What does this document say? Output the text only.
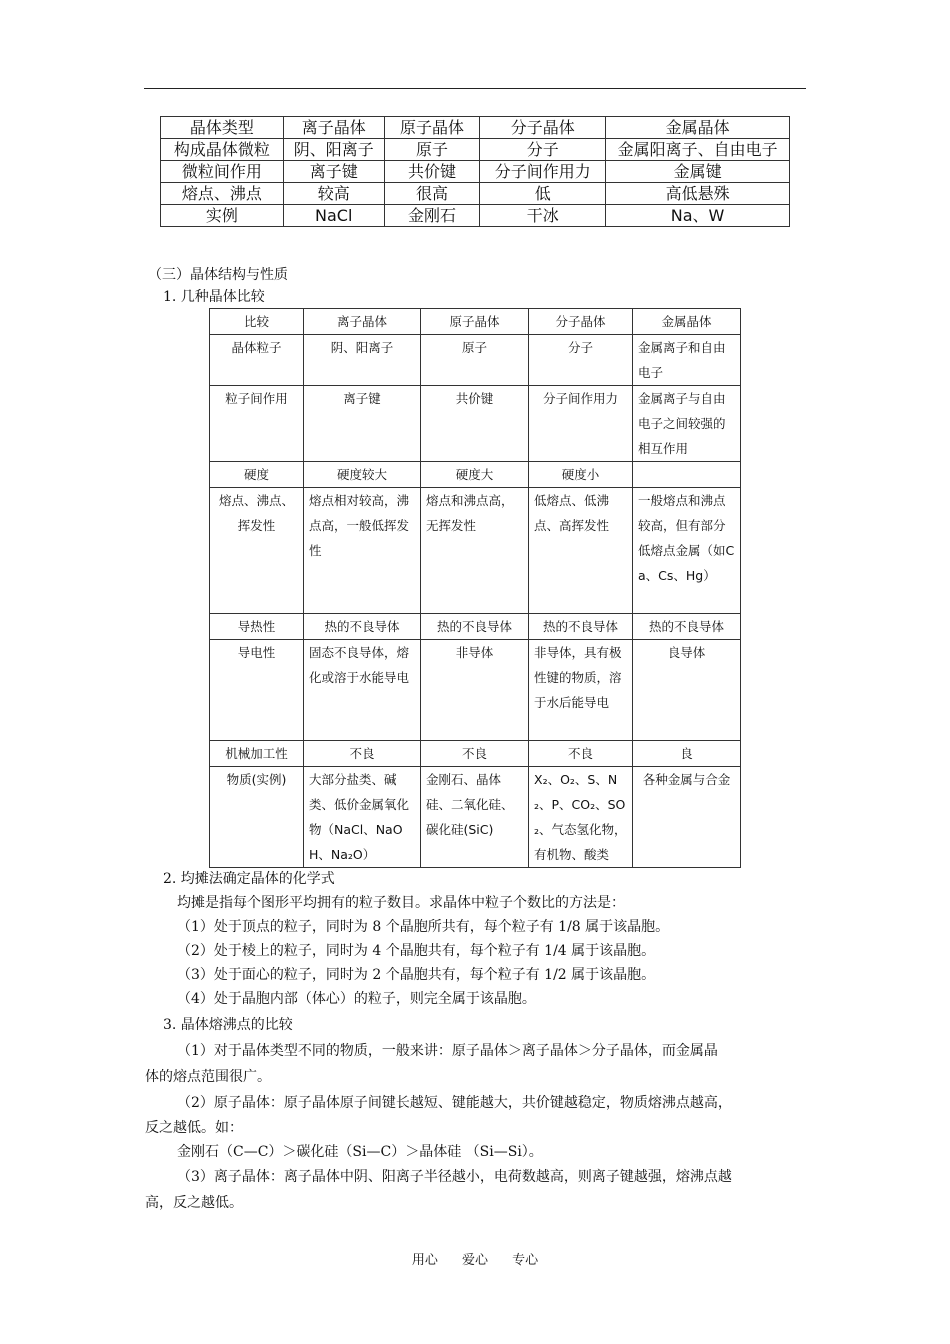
晶体类型	离子晶体	原子晶体	分子晶体	金属晶体
构成晶体微粒	阴、阳离子	原子	分子	金属阳离子、自由电子
微粒间作用	离子键	共价键	分子间作用力	金属键
熔点、沸点	较高	很高	低	高低悬殊
实例	NaCl	金刚石	干冰	Na、W
（三）晶体结构与性质
1. 几种晶体比较
比较	离子晶体	原子晶体	分子晶体	金属晶体
晶体粒子	阴、阳离子	原子	分子	金属离子和自由电子
粒子间作用	离子键	共价键	分子间作用力	金属离子与自由电子之间较强的相互作用
硬度	硬度较大	硬度大	硬度小	
熔点、沸点、挥发性	熔点相对较高，沸点高，一般低挥发性	熔点和沸点高，无挥发性	低熔点、低沸点、高挥发性	一般熔点和沸点较高，但有部分低熔点金属（如Ca、Cs、Hg）
导热性	热的不良导体	热的不良导体	热的不良导体	热的不良导体
导电性	固态不良导体，熔化或溶于水能导电	非导体	非导体，具有极性键的物质，溶于水后能导电	良导体
机械加工性	不良	不良	不良	良
物质(实例)	大部分盐类、碱类、低价金属氧化物（NaCl、NaOH、Na₂O）	金刚石、晶体硅、二氧化硅、碳化硅(SiC)	X₂、O₂、S、N₂、P、CO₂、SO₂、气态氢化物，有机物、酸类	各种金属与合金
2. 均摊法确定晶体的化学式
均摊是指每个图形平均拥有的粒子数目。求晶体中粒子个数比的方法是：
（1）处于顶点的粒子，同时为 8 个晶胞所共有，每个粒子有 1/8 属于该晶胞。
（2）处于棱上的粒子，同时为 4 个晶胞共有，每个粒子有 1/4 属于该晶胞。
（3）处于面心的粒子，同时为 2 个晶胞共有，每个粒子有 1/2 属于该晶胞。
（4）处于晶胞内部（体心）的粒子，则完全属于该晶胞。
3. 晶体熔沸点的比较
（1）对于晶体类型不同的物质，一般来讲：原子晶体＞离子晶体＞分子晶体，而金属晶
体的熔点范围很广。
（2）原子晶体：原子晶体原子间键长越短、键能越大，共价键越稳定，物质熔沸点越高，
反之越低。如：
金刚石（C—C）＞碳化硅（Si—C）＞晶体硅 （Si—Si）。
（3）离子晶体：离子晶体中阴、阳离子半径越小，电荷数越高，则离子键越强，熔沸点越
高，反之越低。
用心 爱心 专心
